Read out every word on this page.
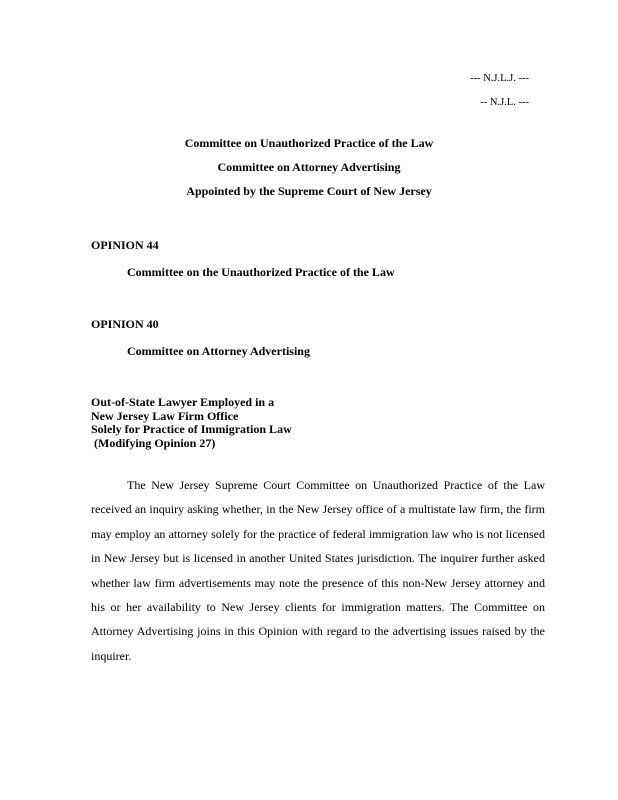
--- N.J.L.J. ---
-- N.J.L. ---
Committee on Unauthorized Practice of the Law
Committee on Attorney Advertising
Appointed by the Supreme Court of New Jersey
OPINION 44
Committee on the Unauthorized Practice of the Law
OPINION 40
Committee on Attorney Advertising
Out-of-State Lawyer Employed in a
New Jersey Law Firm Office
Solely for Practice of Immigration Law
(Modifying Opinion 27)

The New Jersey Supreme Court Committee on Unauthorized Practice of the Law received an inquiry asking whether, in the New Jersey office of a multistate law firm, the firm may employ an attorney solely for the practice of federal immigration law who is not licensed in New Jersey but is licensed in another United States jurisdiction. The inquirer further asked whether law firm advertisements may note the presence of this non-New Jersey attorney and his or her availability to New Jersey clients for immigration matters. The Committee on Attorney Advertising joins in this Opinion with regard to the advertising issues raised by the inquirer.
